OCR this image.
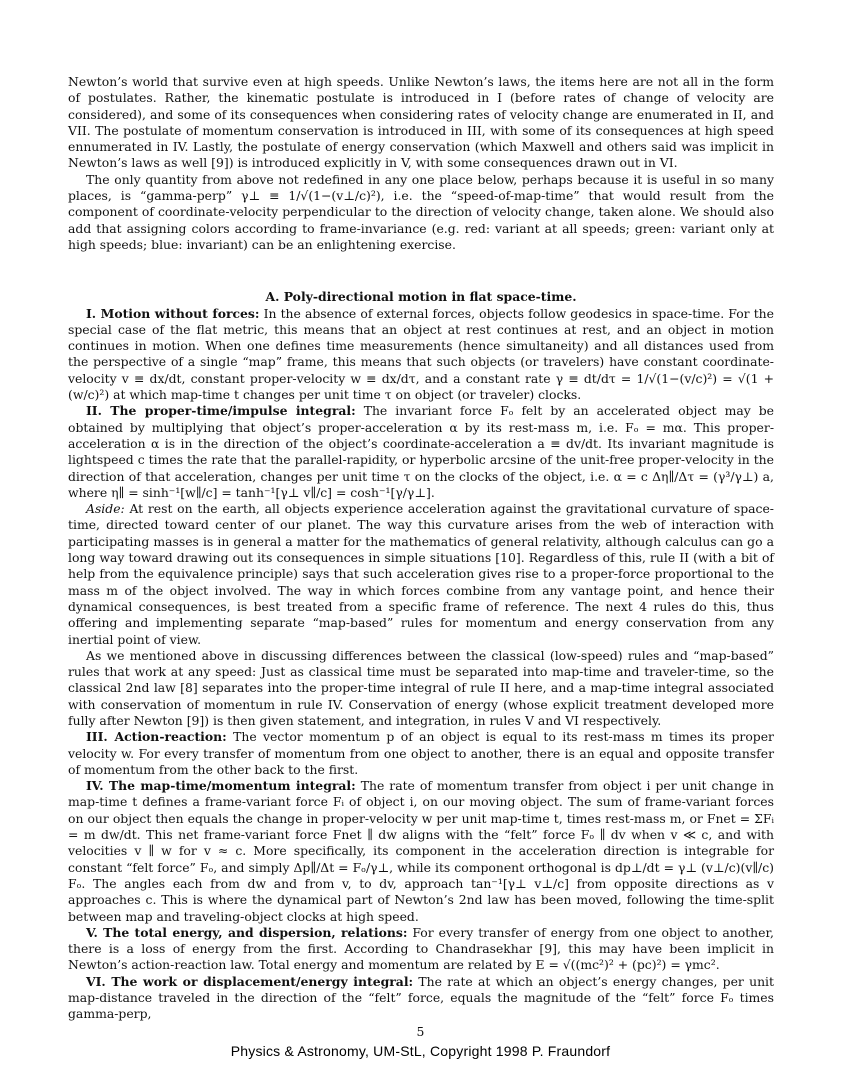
Newton’s world that survive even at high speeds. Unlike Newton’s laws, the items here are not all in the form of postulates. Rather, the kinematic postulate is introduced in I (before rates of change of velocity are considered), and some of its consequences when considering rates of velocity change are enumerated in II, and VII. The postulate of momentum conservation is introduced in III, with some of its consequences at high speed ennumerated in IV. Lastly, the postulate of energy conservation (which Maxwell and others said was implicit in Newton’s laws as well [9]) is introduced explicitly in V, with some consequences drawn out in VI.

The only quantity from above not redefined in any one place below, perhaps because it is useful in so many places, is “gamma-perp” γ⊥ ≡ 1/√(1−(v⊥/c)²), i.e. the “speed-of-map-time” that would result from the component of coordinate-velocity perpendicular to the direction of velocity change, taken alone. We should also add that assigning colors according to frame-invariance (e.g. red: variant at all speeds; green: variant only at high speeds; blue: invariant) can be an enlightening exercise.

A. Poly-directional motion in flat space-time.

I. Motion without forces: In the absence of external forces, objects follow geodesics in space-time. For the special case of the flat metric, this means that an object at rest continues at rest, and an object in motion continues in motion. When one defines time measurements (hence simultaneity) and all distances used from the perspective of a single “map” frame, this means that such objects (or travelers) have constant coordinate-velocity v ≡ dx/dt, constant proper-velocity w ≡ dx/dτ, and a constant rate γ ≡ dt/dτ = 1/√(1−(v/c)²) = √(1 + (w/c)²) at which map-time t changes per unit time τ on object (or traveler) clocks.

II. The proper-time/impulse integral: The invariant force Fₒ felt by an accelerated object may be obtained by multiplying that object’s proper-acceleration α by its rest-mass m, i.e. Fₒ = mα. This proper-acceleration α is in the direction of the object’s coordinate-acceleration a ≡ dv/dt. Its invariant magnitude is lightspeed c times the rate that the parallel-rapidity, or hyperbolic arcsine of the unit-free proper-velocity in the direction of that acceleration, changes per unit time τ on the clocks of the object, i.e. α = c Δη∥/Δτ = (γ³/γ⊥) a, where η∥ = sinh⁻¹[w∥/c] = tanh⁻¹[γ⊥ v∥/c] = cosh⁻¹[γ/γ⊥].

Aside: At rest on the earth, all objects experience acceleration against the gravitational curvature of space-time, directed toward center of our planet. The way this curvature arises from the web of interaction with participating masses is in general a matter for the mathematics of general relativity, although calculus can go a long way toward drawing out its consequences in simple situations [10]. Regardless of this, rule II (with a bit of help from the equivalence principle) says that such acceleration gives rise to a proper-force proportional to the mass m of the object involved. The way in which forces combine from any vantage point, and hence their dynamical consequences, is best treated from a specific frame of reference. The next 4 rules do this, thus offering and implementing separate “map-based” rules for momentum and energy conservation from any inertial point of view.

As we mentioned above in discussing differences between the classical (low-speed) rules and “map-based” rules that work at any speed: Just as classical time must be separated into map-time and traveler-time, so the classical 2nd law [8] separates into the proper-time integral of rule II here, and a map-time integral associated with conservation of momentum in rule IV. Conservation of energy (whose explicit treatment developed more fully after Newton [9]) is then given statement, and integration, in rules V and VI respectively.

III. Action-reaction: The vector momentum p of an object is equal to its rest-mass m times its proper velocity w. For every transfer of momentum from one object to another, there is an equal and opposite transfer of momentum from the other back to the first.

IV. The map-time/momentum integral: The rate of momentum transfer from object i per unit change in map-time t defines a frame-variant force Fᵢ of object i, on our moving object. The sum of frame-variant forces on our object then equals the change in proper-velocity w per unit map-time t, times rest-mass m, or Fnet = ΣFᵢ = m dw/dt. This net frame-variant force Fnet ∥ dw aligns with the “felt” force Fₒ ∥ dv when v ≪ c, and with velocities v ∥ w for v ≈ c. More specifically, its component in the acceleration direction is integrable for constant “felt force” Fₒ, and simply Δp∥/Δt = Fₒ/γ⊥, while its component orthogonal is dp⊥/dt = γ⊥ (v⊥/c)(v∥/c) Fₒ. The angles each from dw and from v, to dv, approach tan⁻¹[γ⊥ v⊥/c] from opposite directions as v approaches c. This is where the dynamical part of Newton’s 2nd law has been moved, following the time-split between map and traveling-object clocks at high speed.

V. The total energy, and dispersion, relations: For every transfer of energy from one object to another, there is a loss of energy from the first. According to Chandrasekhar [9], this may have been implicit in Newton’s action-reaction law. Total energy and momentum are related by E = √((mc²)² + (pc)²) = γmc².

VI. The work or displacement/energy integral: The rate at which an object’s energy changes, per unit map-distance traveled in the direction of the “felt” force, equals the magnitude of the “felt” force Fₒ times gamma-perp,

5
Physics & Astronomy, UM-StL, Copyright 1998 P. Fraundorf
